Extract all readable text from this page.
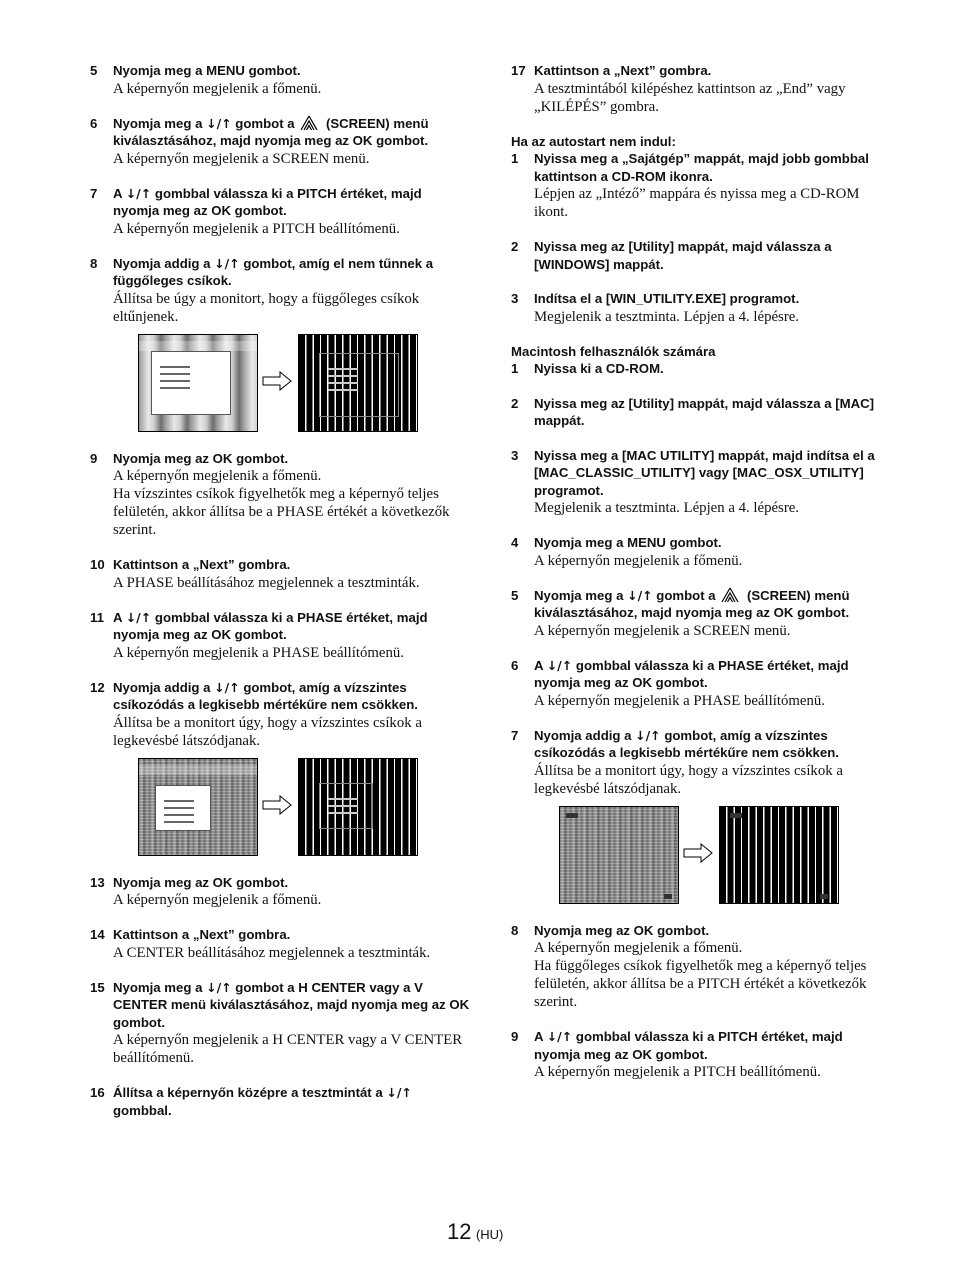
5	Nyomja meg a MENU gombot.
A képernyőn megjelenik a főmenü.
6	Nyomja meg a ↓/↑ gombot a  (SCREEN) menü kiválasztásához, majd nyomja meg az OK gombot.
A képernyőn megjelenik a SCREEN menü.
7	A ↓/↑ gombbal válassza ki a PITCH értéket, majd nyomja meg az OK gombot.
A képernyőn megjelenik a PITCH beállítómenü.
8	Nyomja addig a ↓/↑ gombot, amíg el nem tűnnek a függőleges csíkok.
Állítsa be úgy a monitort, hogy a függőleges csíkok eltűnjenek.
9	Nyomja meg az OK gombot.
A képernyőn megjelenik a főmenü.
Ha vízszintes csíkok figyelhetők meg a képernyő teljes felületén, akkor állítsa be a PHASE értékét a következők szerint.
10 Kattintson a „Next” gombra.
A PHASE beállításához megjelennek a tesztminták.
11 A ↓/↑ gombbal válassza ki a PHASE értéket, majd nyomja meg az OK gombot.
A képernyőn megjelenik a PHASE beállítómenü.
12 Nyomja addig a ↓/↑ gombot, amíg a vízszintes csíkozódás a legkisebb mértékűre nem csökken.
Állítsa be a monitort úgy, hogy a vízszintes csíkok a legkevésbé látszódjanak.
13 Nyomja meg az OK gombot.
A képernyőn megjelenik a főmenü.
14 Kattintson a „Next” gombra.
A CENTER beállításához megjelennek a tesztminták.
15 Nyomja meg a ↓/↑ gombot a H CENTER vagy a V CENTER menü kiválasztásához, majd nyomja meg az OK gombot.
A képernyőn megjelenik a H CENTER vagy a V CENTER beállítómenü.
16 Állítsa a képernyőn középre a tesztmintát a ↓/↑ gombbal.
17 Kattintson a „Next” gombra.
A tesztmintából kilépéshez kattintson az „End” vagy „KILÉPÉS” gombra.
Ha az autostart nem indul:
1	Nyissa meg a „Sajátgép” mappát, majd jobb gombbal kattintson a CD-ROM ikonra.
Lépjen az „Intéző” mappára és nyissa meg a CD-ROM ikont.
2	Nyissa meg az [Utility] mappát, majd válassza a [WINDOWS] mappát.
3	Indítsa el a [WIN_UTILITY.EXE] programot.
Megjelenik a tesztminta. Lépjen a 4. lépésre.
Macintosh felhasználók számára
1	Nyissa ki a CD-ROM.
2	Nyissa meg az [Utility] mappát, majd válassza a [MAC] mappát.
3	Nyissa meg a [MAC UTILITY] mappát, majd indítsa el a [MAC_CLASSIC_UTILITY] vagy [MAC_OSX_UTILITY] programot.
Megjelenik a tesztminta. Lépjen a 4. lépésre.
4	Nyomja meg a MENU gombot.
A képernyőn megjelenik a főmenü.
5	Nyomja meg a ↓/↑ gombot a  (SCREEN) menü kiválasztásához, majd nyomja meg az OK gombot.
A képernyőn megjelenik a SCREEN menü.
6	A ↓/↑ gombbal válassza ki a PHASE értéket, majd nyomja meg az OK gombot.
A képernyőn megjelenik a PHASE beállítómenü.
7	Nyomja addig a ↓/↑ gombot, amíg a vízszintes csíkozódás a legkisebb mértékűre nem csökken.
Állítsa be a monitort úgy, hogy a vízszintes csíkok a legkevésbé látszódjanak.

8	Nyomja meg az OK gombot.
A képernyőn megjelenik a főmenü.
Ha függőleges csíkok figyelhetők meg a képernyő teljes felületén, akkor állítsa be a PITCH értékét a következők szerint.
9	A ↓/↑ gombbal válassza ki a PITCH értéket, majd nyomja meg az OK gombot.
A képernyőn megjelenik a PITCH beállítómenü.
12 (HU)
